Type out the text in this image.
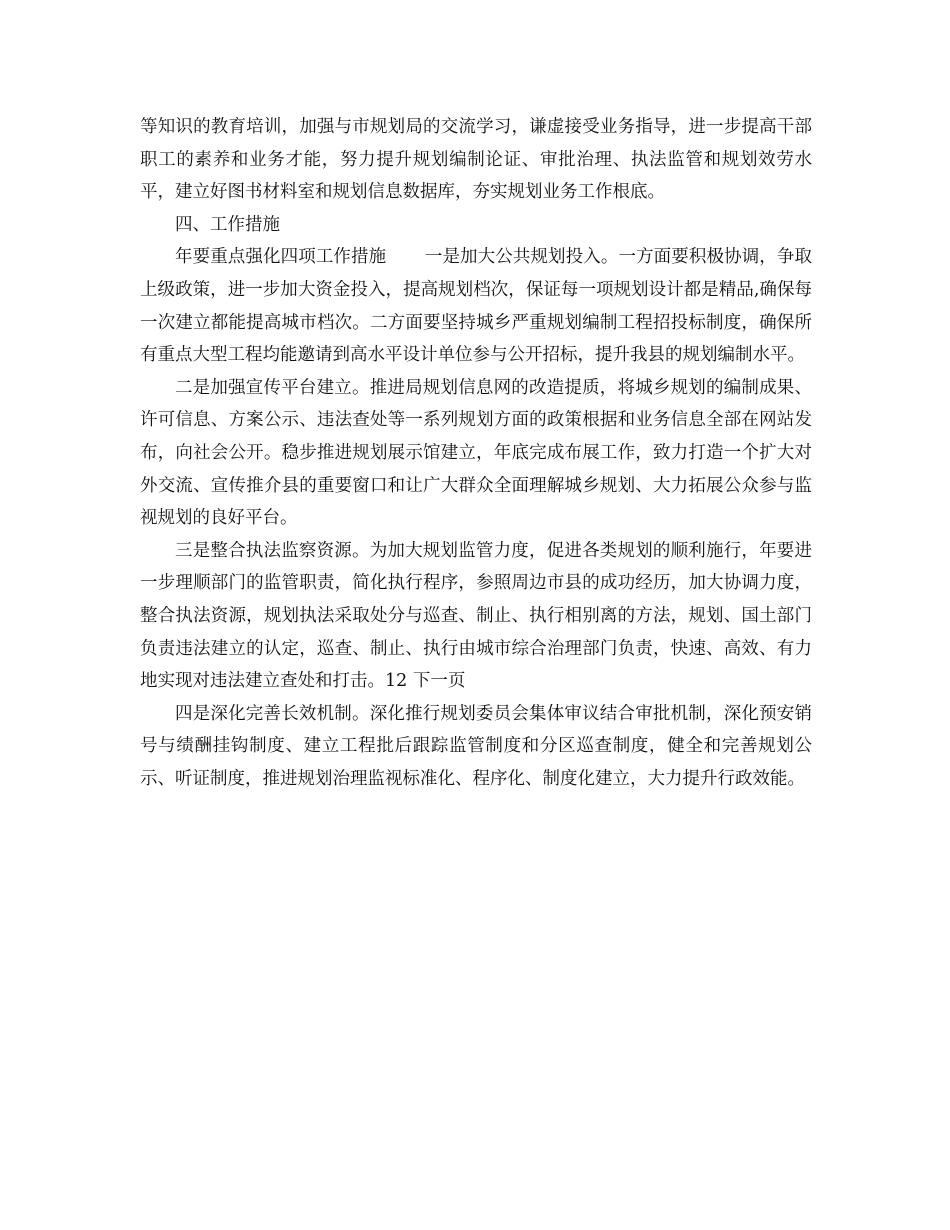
等知识的教育培训，加强与市规划局的交流学习，谦虚接受业务指导，进一步提高干部职工的素养和业务才能，努力提升规划编制论证、审批治理、执法监管和规划效劳水平，建立好图书材料室和规划信息数据库，夯实规划业务工作根底。

四、工作措施

年要重点强化四项工作措施 一是加大公共规划投入。一方面要积极协调，争取上级政策，进一步加大资金投入，提高规划档次，保证每一项规划设计都是精品,确保每一次建立都能提高城市档次。二方面要坚持城乡严重规划编制工程招投标制度，确保所有重点大型工程均能邀请到高水平设计单位参与公开招标，提升我县的规划编制水平。

二是加强宣传平台建立。推进局规划信息网的改造提质，将城乡规划的编制成果、许可信息、方案公示、违法查处等一系列规划方面的政策根据和业务信息全部在网站发布，向社会公开。稳步推进规划展示馆建立，年底完成布展工作，致力打造一个扩大对外交流、宣传推介县的重要窗口和让广大群众全面理解城乡规划、大力拓展公众参与监视规划的良好平台。

三是整合执法监察资源。为加大规划监管力度，促进各类规划的顺利施行，年要进一步理顺部门的监管职责，简化执行程序，参照周边市县的成功经历，加大协调力度，整合执法资源，规划执法采取处分与巡查、制止、执行相别离的方法，规划、国土部门负责违法建立的认定，巡查、制止、执行由城市综合治理部门负责，快速、高效、有力地实现对违法建立查处和打击。12 下一页

四是深化完善长效机制。深化推行规划委员会集体审议结合审批机制，深化预安销号与绩酬挂钩制度、建立工程批后跟踪监管制度和分区巡查制度，健全和完善规划公示、听证制度，推进规划治理监视标准化、程序化、制度化建立，大力提升行政效能。
